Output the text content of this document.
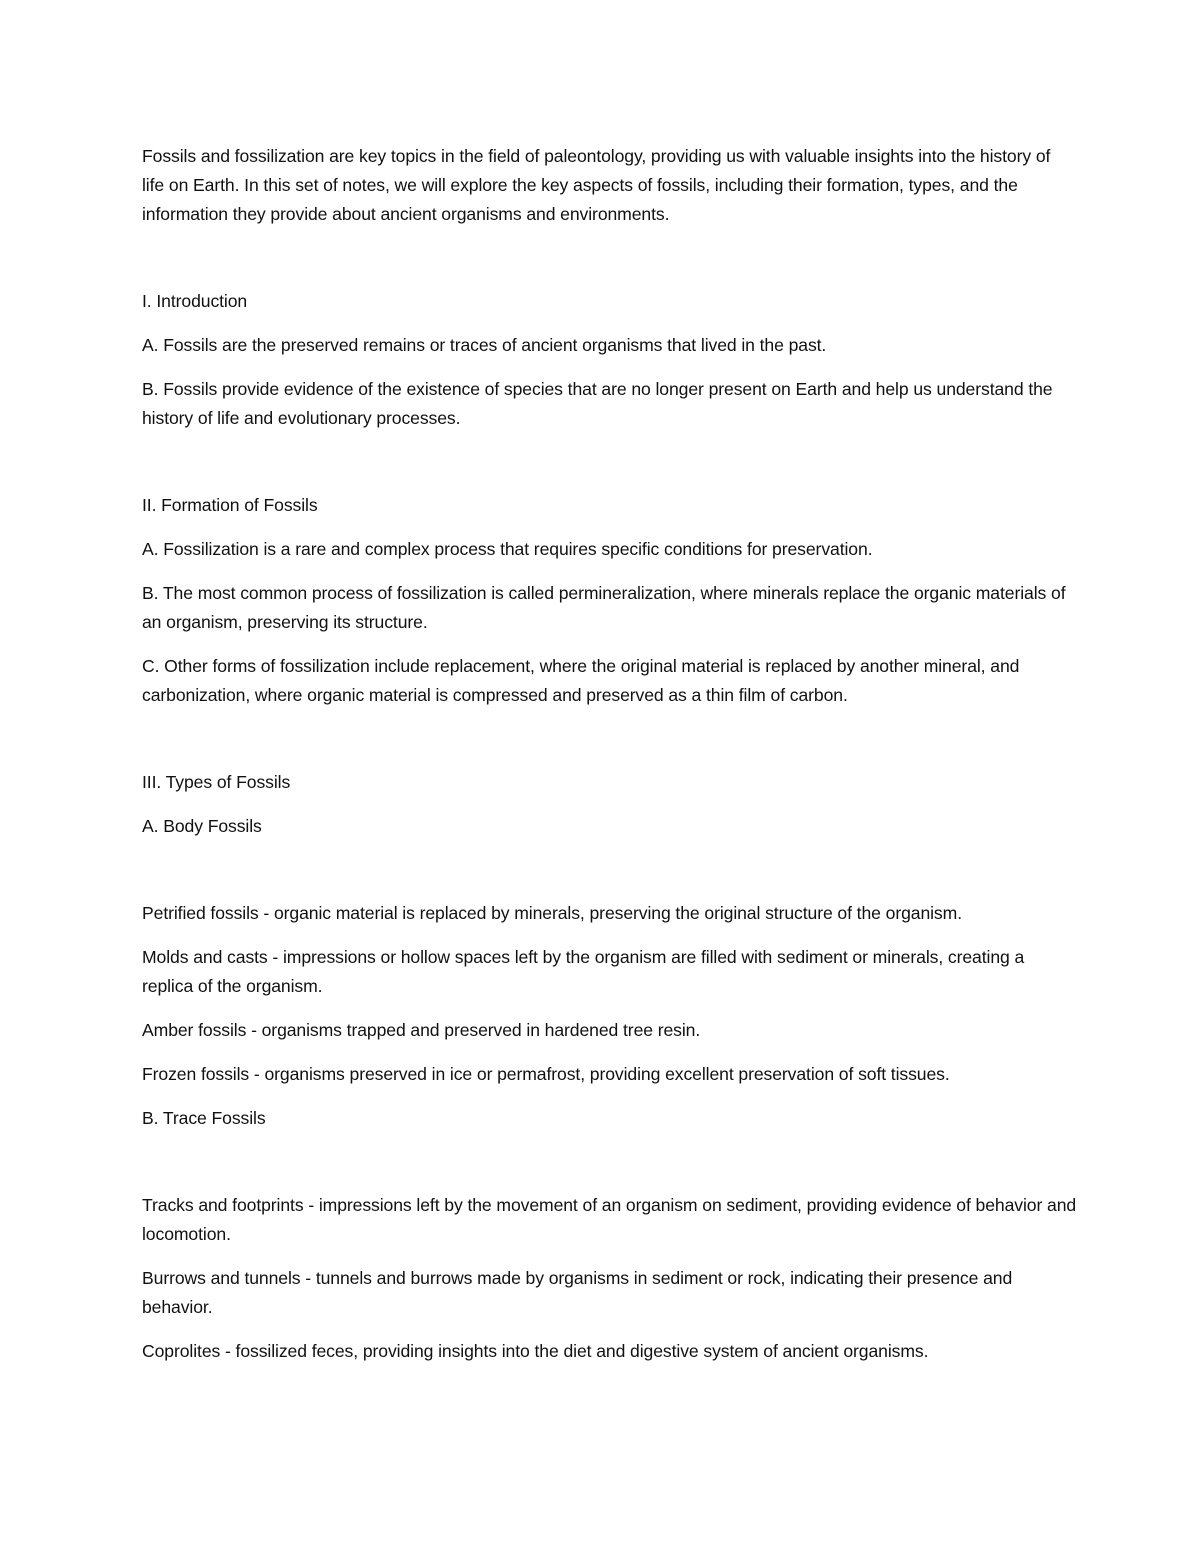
Fossils and fossilization are key topics in the field of paleontology, providing us with valuable insights into the history of life on Earth. In this set of notes, we will explore the key aspects of fossils, including their formation, types, and the information they provide about ancient organisms and environments.

I. Introduction

A. Fossils are the preserved remains or traces of ancient organisms that lived in the past.

B. Fossils provide evidence of the existence of species that are no longer present on Earth and help us understand the history of life and evolutionary processes.

II. Formation of Fossils

A. Fossilization is a rare and complex process that requires specific conditions for preservation.

B. The most common process of fossilization is called permineralization, where minerals replace the organic materials of an organism, preserving its structure.

C. Other forms of fossilization include replacement, where the original material is replaced by another mineral, and carbonization, where organic material is compressed and preserved as a thin film of carbon.

III. Types of Fossils

A. Body Fossils

Petrified fossils - organic material is replaced by minerals, preserving the original structure of the organism.

Molds and casts - impressions or hollow spaces left by the organism are filled with sediment or minerals, creating a replica of the organism.

Amber fossils - organisms trapped and preserved in hardened tree resin.

Frozen fossils - organisms preserved in ice or permafrost, providing excellent preservation of soft tissues.

B. Trace Fossils

Tracks and footprints - impressions left by the movement of an organism on sediment, providing evidence of behavior and locomotion.

Burrows and tunnels - tunnels and burrows made by organisms in sediment or rock, indicating their presence and behavior.

Coprolites - fossilized feces, providing insights into the diet and digestive system of ancient organisms.
